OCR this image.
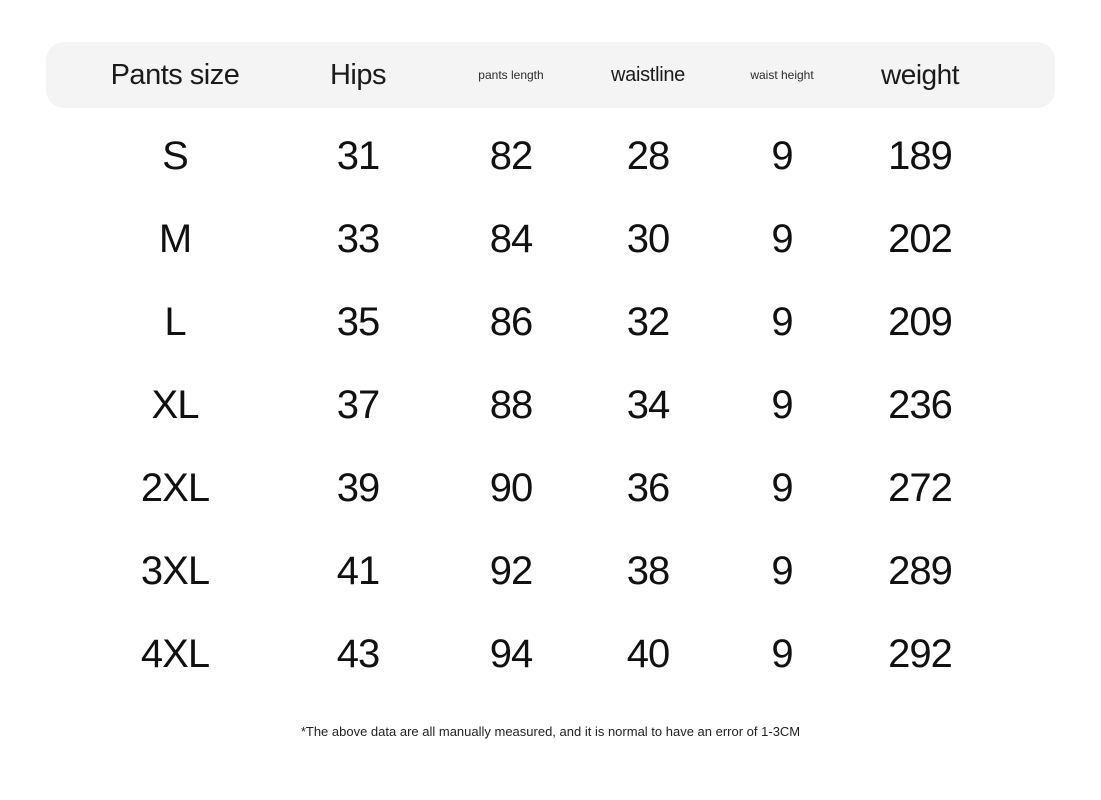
Pants size	Hips	pants length	waistline	waist height	weight
S	31	82	28	9	189
M	33	84	30	9	202
L	35	86	32	9	209
XL	37	88	34	9	236
2XL	39	90	36	9	272
3XL	41	92	38	9	289
4XL	43	94	40	9	292
*The above data are all manually measured, and it is normal to have an error of 1-3CM
